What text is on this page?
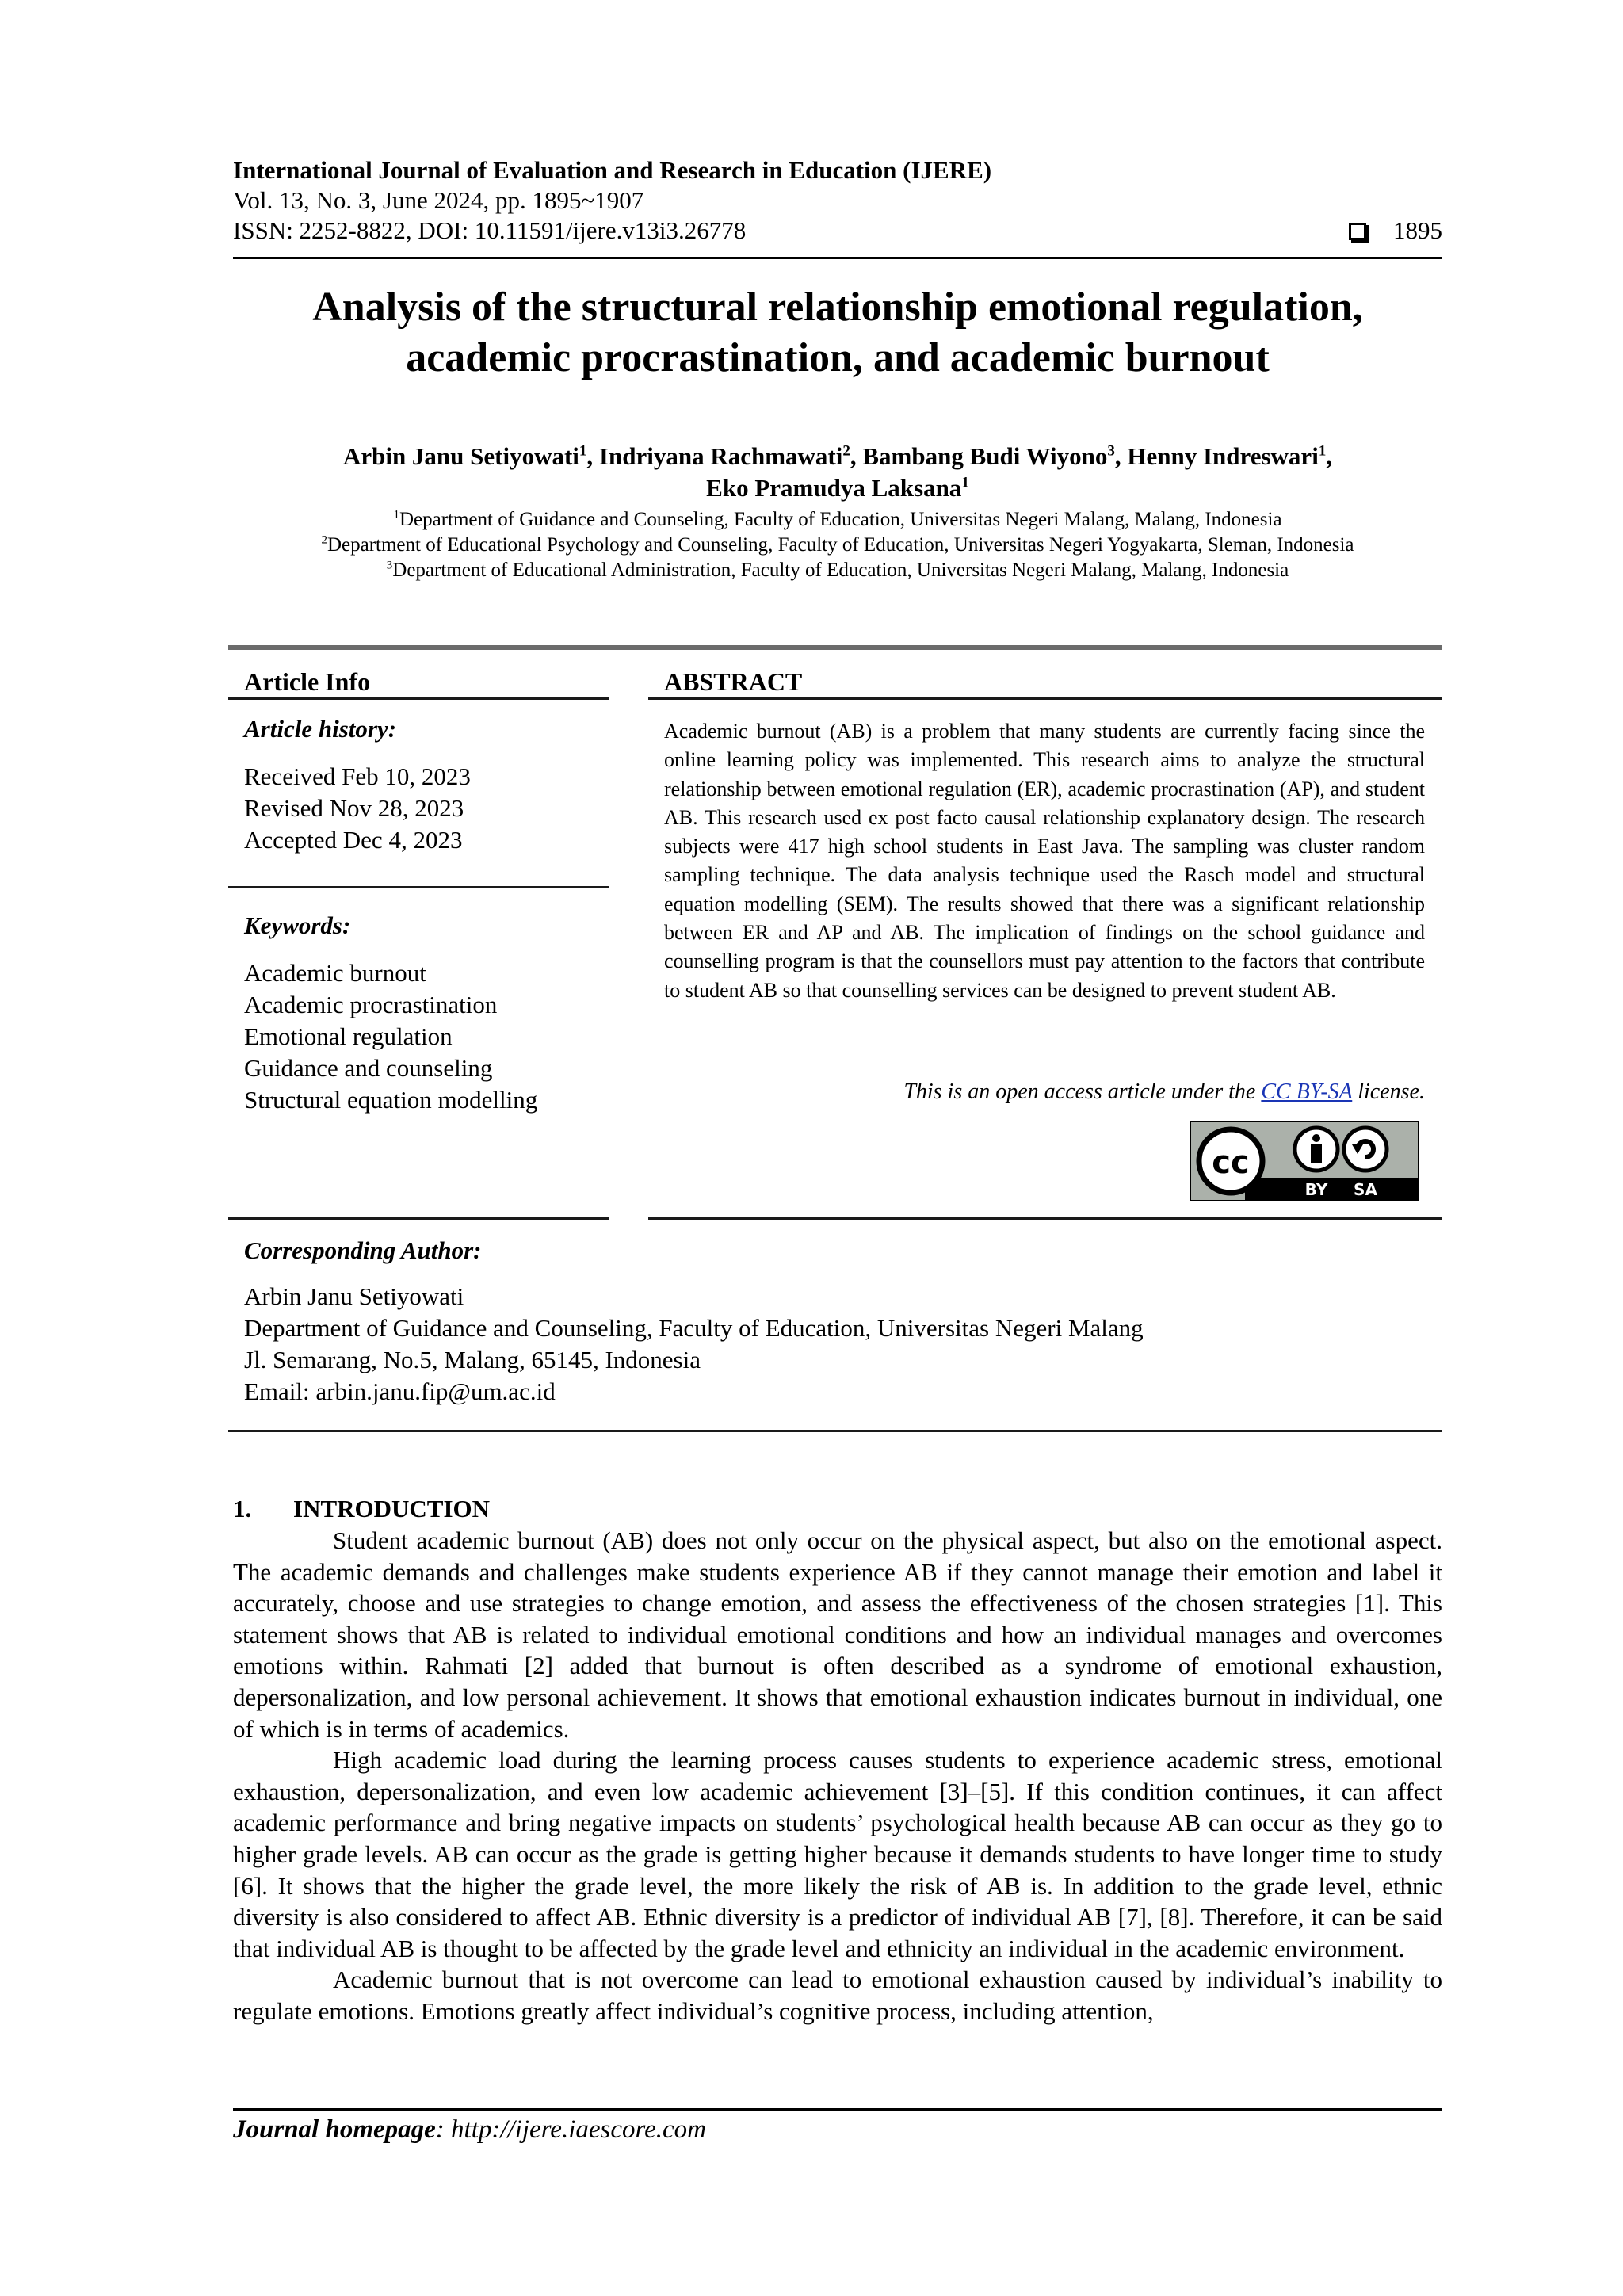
International Journal of Evaluation and Research in Education (IJERE)
Vol. 13, No. 3, June 2024, pp. 1895~1907
ISSN: 2252-8822, DOI: 10.11591/ijere.v13i3.26778	1895
Analysis of the structural relationship emotional regulation,
academic procrastination, and academic burnout
Arbin Janu Setiyowati$^1$, Indriyana Rachmawati$^2$, Bambang Budi Wiyono$^3$, Henny Indreswari$^1$,
Eko Pramudya Laksana$^1$
$^1$Department of Guidance and Counseling, Faculty of Education, Universitas Negeri Malang, Malang, Indonesia
$^2$Department of Educational Psychology and Counseling, Faculty of Education, Universitas Negeri Yogyakarta, Sleman, Indonesia
$^3$Department of Educational Administration, Faculty of Education, Universitas Negeri Malang, Malang, Indonesia
Article Info
Article history:
Received Feb 10, 2023
Revised Nov 28, 2023
Accepted Dec 4, 2023
Keywords:
Academic burnout
Academic procrastination
Emotional regulation
Guidance and counseling
Structural equation modelling
ABSTRACT
Academic burnout (AB) is a problem that many students are currently facing since the online learning policy was implemented. This research aims to analyze the structural relationship between emotional regulation (ER), academic procrastination (AP), and student AB. This research used ex post facto causal relationship explanatory design. The research subjects were 417 high school students in East Java. The sampling was cluster random sampling technique. The data analysis technique used the Rasch model and structural equation modelling (SEM). The results showed that there was a significant relationship between ER and AP and AB. The implication of findings on the school guidance and counselling program is that the counsellors must pay attention to the factors that contribute to student AB so that counselling services can be designed to prevent student AB.
This is an open access article under the CC BY-SA license.
cc
BY SA
Corresponding Author:
Arbin Janu Setiyowati
Department of Guidance and Counseling, Faculty of Education, Universitas Negeri Malang
Jl. Semarang, No.5, Malang, 65145, Indonesia
Email: arbin.janu.fip@um.ac.id
1. INTRODUCTION

Student academic burnout (AB) does not only occur on the physical aspect, but also on the emotional aspect. The academic demands and challenges make students experience AB if they cannot manage their emotion and label it accurately, choose and use strategies to change emotion, and assess the effectiveness of the chosen strategies [1]. This statement shows that AB is related to individual emotional conditions and how an individual manages and overcomes emotions within. Rahmati [2] added that burnout is often described as a syndrome of emotional exhaustion, depersonalization, and low personal achievement. It shows that emotional exhaustion indicates burnout in individual, one of which is in terms of academics.

High academic load during the learning process causes students to experience academic stress, emotional exhaustion, depersonalization, and even low academic achievement [3]–[5]. If this condition continues, it can affect academic performance and bring negative impacts on students’ psychological health because AB can occur as they go to higher grade levels. AB can occur as the grade is getting higher because it demands students to have longer time to study [6]. It shows that the higher the grade level, the more likely the risk of AB is. In addition to the grade level, ethnic diversity is also considered to affect AB. Ethnic diversity is a predictor of individual AB [7], [8]. Therefore, it can be said that individual AB is thought to be affected by the grade level and ethnicity an individual in the academic environment.

Academic burnout that is not overcome can lead to emotional exhaustion caused by individual’s inability to regulate emotions. Emotions greatly affect individual’s cognitive process, including attention,

Journal homepage: http://ijere.iaescore.com
